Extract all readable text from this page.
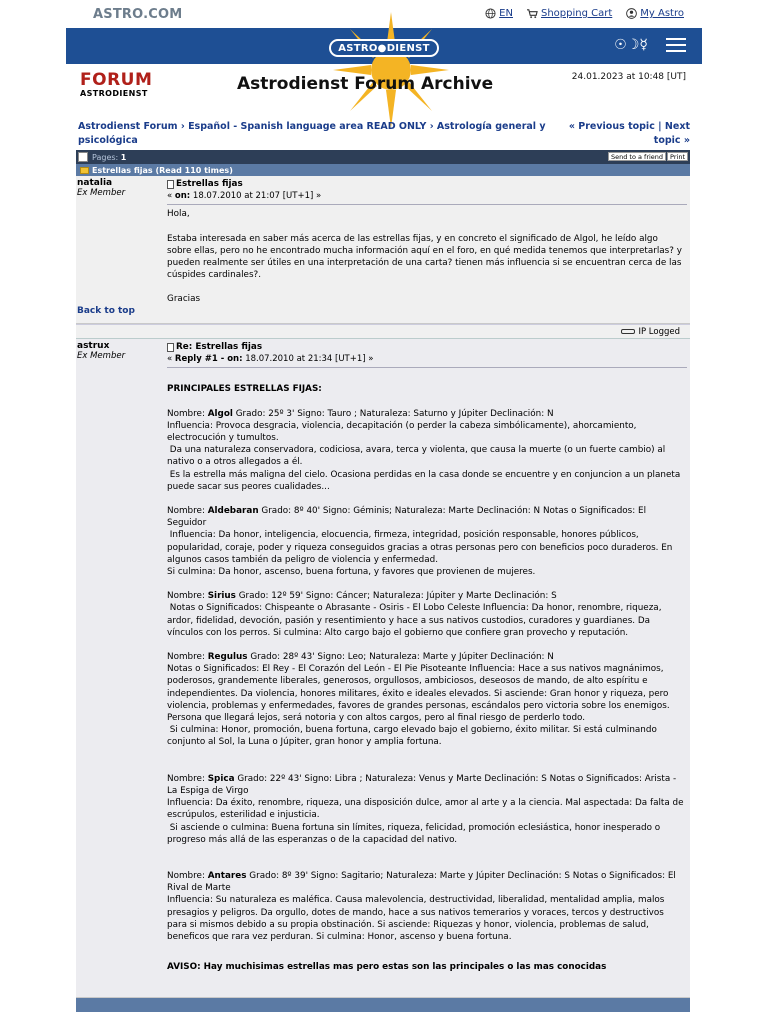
ASTRO.COM	EN	Shopping Cart	My Astro
ASTRO●DIENST	☉☽☿
FORUM
ASTRODIENST	Astrodienst Forum Archive	24.01.2023 at 10:48 [UT]
Astrodienst Forum › Español - Spanish language area READ ONLY › Astrología general y psicológica
« Previous topic | Next topic »
Pages: 1	Send to a friend	Print
Estrellas fijas (Read 110 times)
natalia
Ex Member
Back to top
Estrellas fijas
« on: 18.07.2010 at 21:07 [UT+1] »

Hola,

Estaba interesada en saber más acerca de las estrellas fijas, y en concreto el significado de Algol, he leído algo sobre ellas, pero no he encontrado mucha información aquí en el foro, en qué medida tenemos que interpretarlas? y pueden realmente ser útiles en una interpretación de una carta? tienen más influencia si se encuentran cerca de las cúspides cardinales?.

Gracias

IP Logged
astrux
Ex Member
Re: Estrellas fijas
« Reply #1 - on: 18.07.2010 at 21:34 [UT+1] »

PRINCIPALES ESTRELLAS FIJAS:

Nombre: Algol Grado: 25º 3' Signo: Tauro ; Naturaleza: Saturno y Júpiter Declinación: N

Influencia: Provoca desgracia, violencia, decapitación (o perder la cabeza simbólicamente), ahorcamiento, electrocución y tumultos.

Da una naturaleza conservadora, codiciosa, avara, terca y violenta, que causa la muerte (o un fuerte cambio) al nativo o a otros allegados a él.

Es la estrella más maligna del cielo. Ocasiona perdidas en la casa donde se encuentre y en conjuncion a un planeta puede sacar sus peores cualidades...

Nombre: Aldebaran Grado: 8º 40' Signo: Géminis; Naturaleza: Marte Declinación: N Notas o Significados: El Seguidor

Influencia: Da honor, inteligencia, elocuencia, firmeza, integridad, posición responsable, honores públicos, popularidad, coraje, poder y riqueza conseguidos gracias a otras personas pero con beneficios poco duraderos. En algunos casos también da peligro de violencia y enfermedad.

Si culmina: Da honor, ascenso, buena fortuna, y favores que provienen de mujeres.

Nombre: Sirius Grado: 12º 59' Signo: Cáncer; Naturaleza: Júpiter y Marte Declinación: S

Notas o Significados: Chispeante o Abrasante - Osiris - El Lobo Celeste Influencia: Da honor, renombre, riqueza, ardor, fidelidad, devoción, pasión y resentimiento y hace a sus nativos custodios, curadores y guardianes. Da vínculos con los perros. Si culmina: Alto cargo bajo el gobierno que confiere gran provecho y reputación.

Nombre: Regulus Grado: 28º 43' Signo: Leo; Naturaleza: Marte y Júpiter Declinación: N

Notas o Significados: El Rey - El Corazón del León - El Pie Pisoteante Influencia: Hace a sus nativos magnánimos, poderosos, grandemente liberales, generosos, orgullosos, ambiciosos, deseosos de mando, de alto espíritu e independientes. Da violencia, honores militares, éxito e ideales elevados. Si asciende: Gran honor y riqueza, pero violencia, problemas y enfermedades, favores de grandes personas, escándalos pero victoria sobre los enemigos. Persona que llegará lejos, será notoria y con altos cargos, pero al final riesgo de perderlo todo.

Si culmina: Honor, promoción, buena fortuna, cargo elevado bajo el gobierno, éxito militar. Si está culminando conjunto al Sol, la Luna o Júpiter, gran honor y amplia fortuna.

Nombre: Spica Grado: 22º 43' Signo: Libra ; Naturaleza: Venus y Marte Declinación: S Notas o Significados: Arista - La Espiga de Virgo

Influencia: Da éxito, renombre, riqueza, una disposición dulce, amor al arte y a la ciencia. Mal aspectada: Da falta de escrúpulos, esterilidad e injusticia.

Si asciende o culmina: Buena fortuna sin límites, riqueza, felicidad, promoción eclesiástica, honor inesperado o progreso más allá de las esperanzas o de la capacidad del nativo.

Nombre: Antares Grado: 8º 39' Signo: Sagitario; Naturaleza: Marte y Júpiter Declinación: S Notas o Significados: El Rival de Marte

Influencia: Su naturaleza es maléfica. Causa malevolencia, destructividad, liberalidad, mentalidad amplia, malos presagios y peligros. Da orgullo, dotes de mando, hace a sus nativos temerarios y voraces, tercos y destructivos para si mismos debido a su propia obstinación. Si asciende: Riquezas y honor, violencia, problemas de salud, beneficos que rara vez perduran. Si culmina: Honor, ascenso y buena fortuna.

AVISO: Hay muchisimas estrellas mas pero estas son las principales o las mas conocidas
